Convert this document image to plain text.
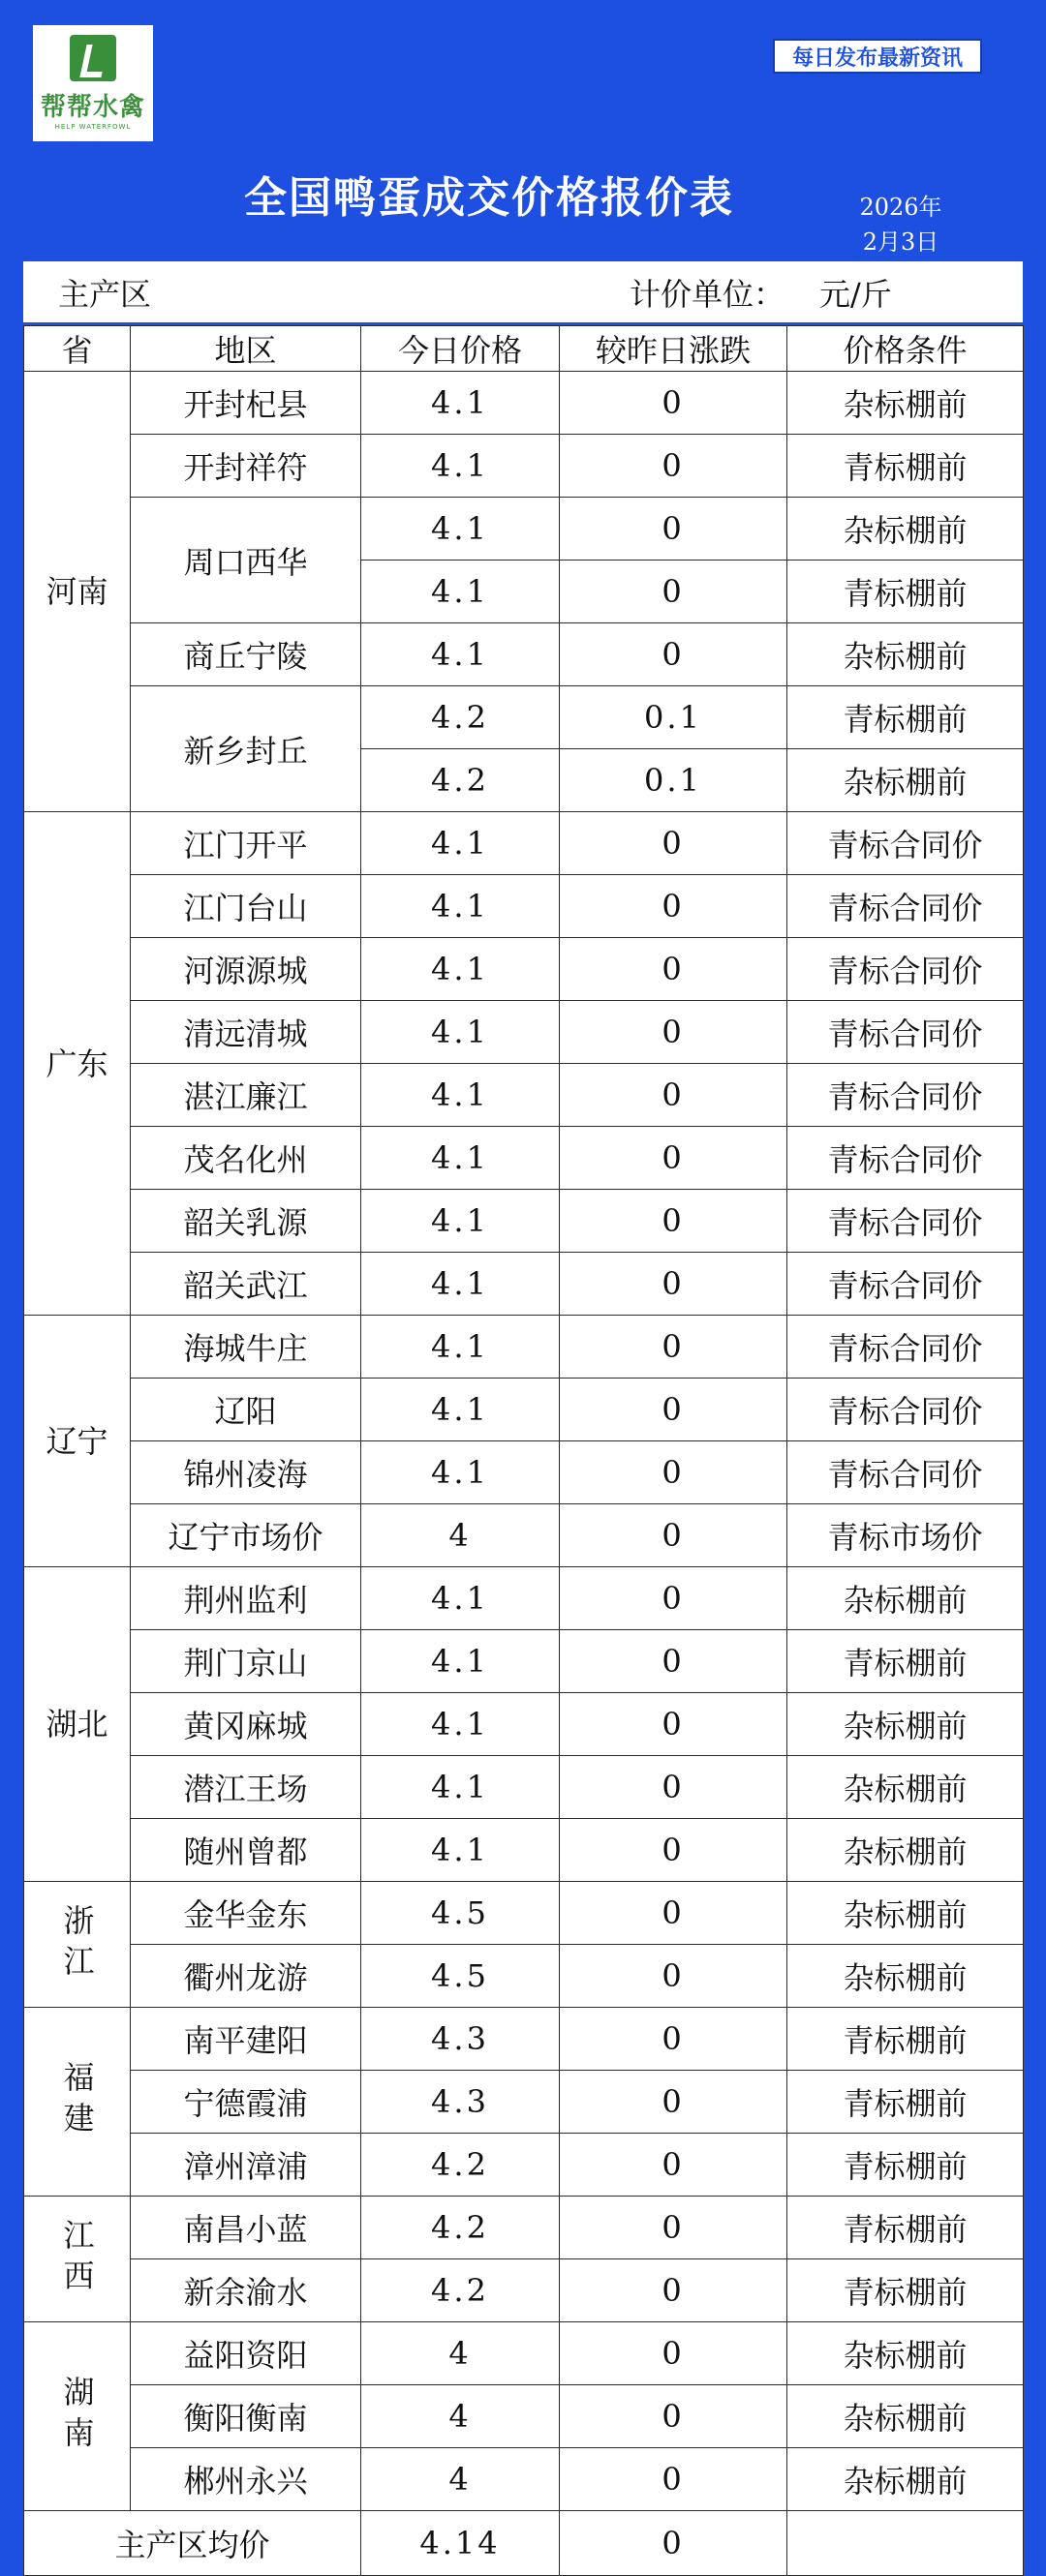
帮帮水禽
HELP WATERFOWL
每日发布最新资讯
全国鸭蛋成交价格报价表	2026年
2月3日
主产区	计价单位： 元/斤
省	地区	今日价格	较昨日涨跌	价格条件
河南	开封杞县	4.1	0	杂标棚前
	开封祥符	4.1	0	青标棚前
	周口西华	4.1	0	杂标棚前
		4.1	0	青标棚前
	商丘宁陵	4.1	0	杂标棚前
	新乡封丘	4.2	0.1	青标棚前
		4.2	0.1	杂标棚前
广东	江门开平	4.1	0	青标合同价
	江门台山	4.1	0	青标合同价
	河源源城	4.1	0	青标合同价
	清远清城	4.1	0	青标合同价
	湛江廉江	4.1	0	青标合同价
	茂名化州	4.1	0	青标合同价
	韶关乳源	4.1	0	青标合同价
	韶关武江	4.1	0	青标合同价
辽宁	海城牛庄	4.1	0	青标合同价
	辽阳	4.1	0	青标合同价
	锦州凌海	4.1	0	青标合同价
	辽宁市场价	4	0	青标市场价
湖北	荆州监利	4.1	0	杂标棚前
	荆门京山	4.1	0	青标棚前
	黄冈麻城	4.1	0	杂标棚前
	潜江王场	4.1	0	杂标棚前
	随州曾都	4.1	0	杂标棚前
浙江	金华金东	4.5	0	杂标棚前
	衢州龙游	4.5	0	杂标棚前
福建	南平建阳	4.3	0	青标棚前
	宁德霞浦	4.3	0	青标棚前
	漳州漳浦	4.2	0	青标棚前
江西	南昌小蓝	4.2	0	青标棚前
	新余渝水	4.2	0	青标棚前
湖南	益阳资阳	4	0	杂标棚前
	衡阳衡南	4	0	杂标棚前
	郴州永兴	4	0	杂标棚前
主产区均价		4.14	0	
